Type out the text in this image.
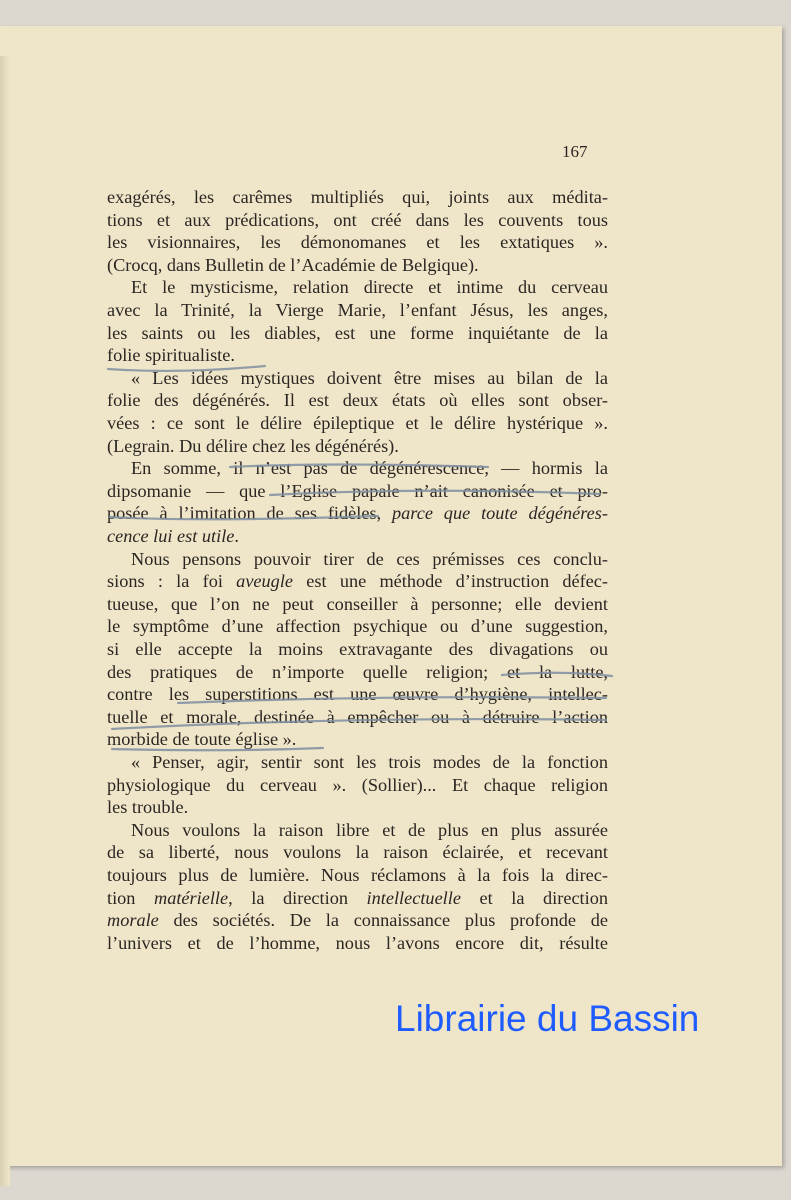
167
exagérés, les carêmes multipliés qui, joints aux médita-
tions et aux prédications, ont créé dans les couvents tous
les visionnaires, les démonomanes et les extatiques ».
(Crocq, dans Bulletin de l’Académie de Belgique).
Et le mysticisme, relation directe et intime du cerveau
avec la Trinité, la Vierge Marie, l’enfant Jésus, les anges,
les saints ou les diables, est une forme inquiétante de la
folie spiritualiste.
« Les idées mystiques doivent être mises au bilan de la
folie des dégénérés. Il est deux états où elles sont obser-
vées : ce sont le délire épileptique et le délire hystérique ».
(Legrain. Du délire chez les dégénérés).
En somme, il n’est pas de dégénérescence, — hormis la
dipsomanie — que l’Eglise papale n’ait canonisée et pro-
posée à l’imitation de ses fidèles, parce que toute dégénéres-
cence lui est utile.
Nous pensons pouvoir tirer de ces prémisses ces conclu-
sions : la foi aveugle est une méthode d’instruction défec-
tueuse, que l’on ne peut conseiller à personne; elle devient
le symptôme d’une affection psychique ou d’une suggestion,
si elle accepte la moins extravagante des divagations ou
des pratiques de n’importe quelle religion; et la lutte,
contre les superstitions est une œuvre d’hygiène, intellec-
tuelle et morale, destinée à empêcher ou à détruire l’action
morbide de toute église ».
« Penser, agir, sentir sont les trois modes de la fonction
physiologique du cerveau ». (Sollier)... Et chaque religion
les trouble.
Nous voulons la raison libre et de plus en plus assurée
de sa liberté, nous voulons la raison éclairée, et recevant
toujours plus de lumière. Nous réclamons à la fois la direc-
tion matérielle, la direction intellectuelle et la direction
morale des sociétés. De la connaissance plus profonde de
l’univers et de l’homme, nous l’avons encore dit, résulte
Librairie du Bassin
